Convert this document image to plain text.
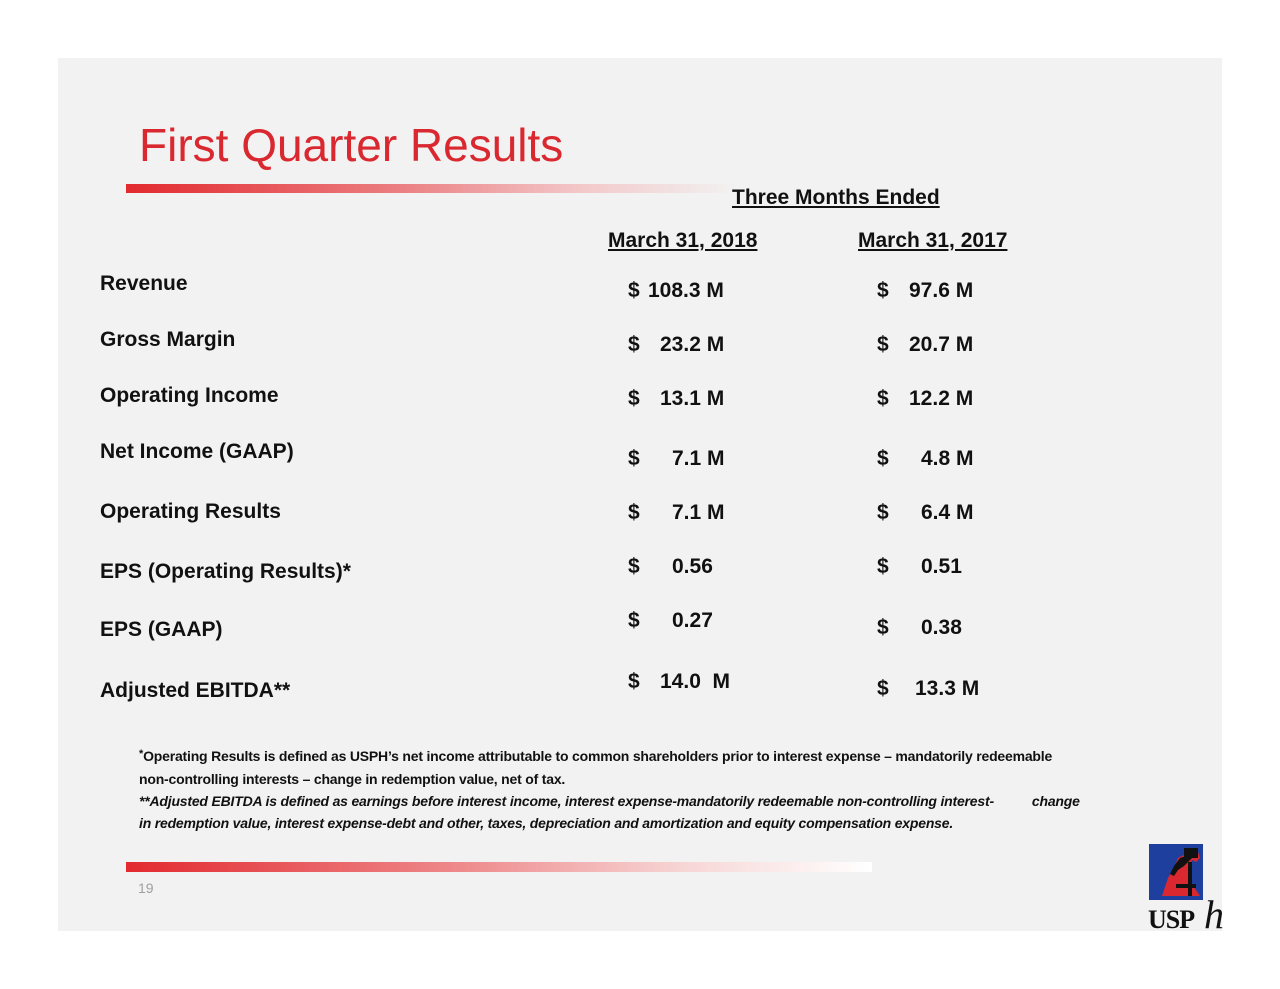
First Quarter Results
Three Months Ended
March 31, 2018	March 31, 2017
Revenue
Gross Margin
Operating Income
Net Income (GAAP)
Operating Results
EPS (Operating Results)*
EPS (GAAP)
Adjusted EBITDA**
$ 108.3 M
$ 23.2 M
$ 13.1 M
$ 7.1 M
$ 7.1 M
$ 0.56
$ 0.27
$ 14.0  M
$ 97.6 M
$ 20.7 M
$ 12.2 M
$ 4.8 M
$ 6.4 M
$ 0.51
$ 0.38
$ 13.3 M
*Operating Results is defined as USPH’s net income attributable to common shareholders prior to interest expense – mandatorily redeemable
non-controlling interests – change in redemption value, net of tax.
**Adjusted EBITDA is defined as earnings before interest income, interest expense-mandatorily redeemable non-controlling interest-	change
in redemption value, interest expense-debt and other, taxes, depreciation and amortization and equity compensation expense.
19
USP h
